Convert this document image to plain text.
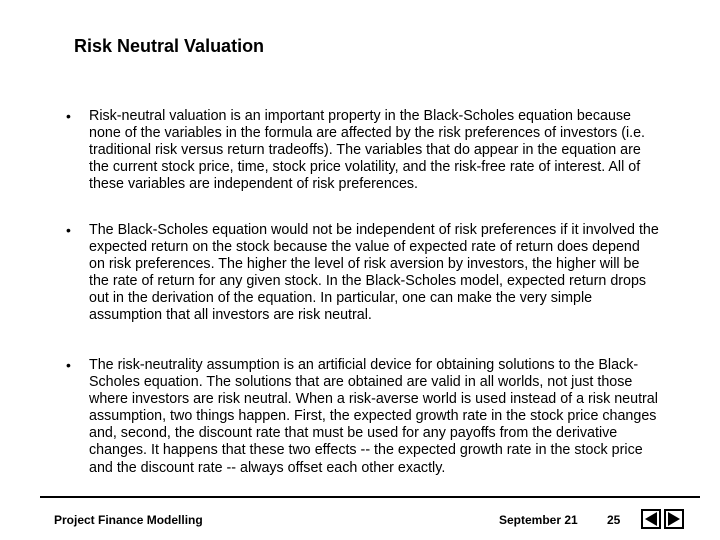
Risk Neutral Valuation
• Risk-neutral valuation is an important property in the Black-Scholes equation because none of the variables in the formula are affected by the risk preferences of investors (i.e. traditional risk versus return tradeoffs). The variables that do appear in the equation are the current stock price, time, stock price volatility, and the risk-free rate of interest. All of these variables are independent of risk preferences.
• The Black-Scholes equation would not be independent of risk preferences if it involved the expected return on the stock because the value of expected rate of return does depend on risk preferences. The higher the level of risk aversion by investors, the higher will be the rate of return for any given stock. In the Black-Scholes model, expected return drops out in the derivation of the equation. In particular, one can make the very simple assumption that all investors are risk neutral.
• The risk-neutrality assumption is an artificial device for obtaining solutions to the Black-Scholes equation. The solutions that are obtained are valid in all worlds, not just those where investors are risk neutral. When a risk-averse world is used instead of a risk neutral assumption, two things happen. First, the expected growth rate in the stock price changes and, second, the discount rate that must be used for any payoffs from the derivative changes. It happens that these two effects -- the expected growth rate in the stock price and the discount rate -- always offset each other exactly.
Project Finance Modelling	September 21 25
